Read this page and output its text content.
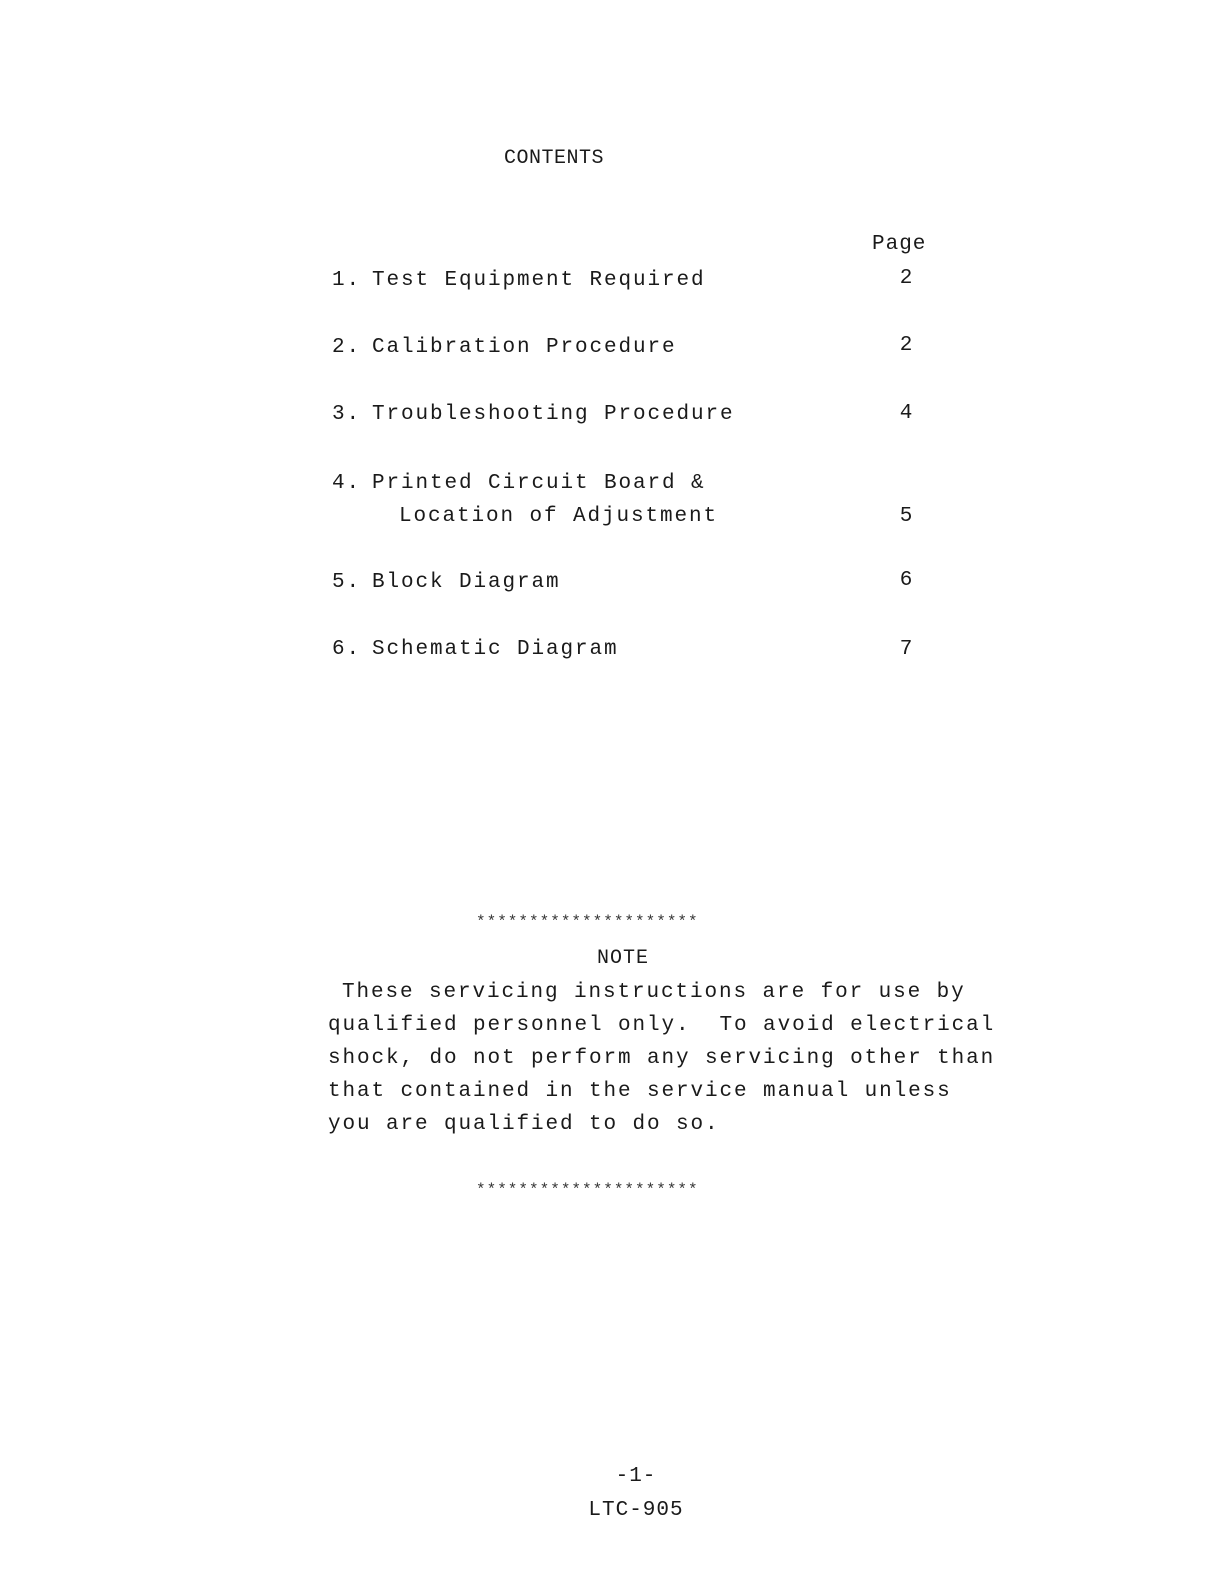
CONTENTS
Page
1. Test Equipment Required	2
2. Calibration Procedure	2
3. Troubleshooting Procedure	4
4. Printed Circuit Board &
Location of Adjustment	5
5. Block Diagram	6
6. Schematic Diagram	7
*********************
NOTE
These servicing instructions are for use by
qualified personnel only.  To avoid electrical
shock, do not perform any servicing other than
that contained in the service manual unless
you are qualified to do so.
*********************
-1-
LTC-905
